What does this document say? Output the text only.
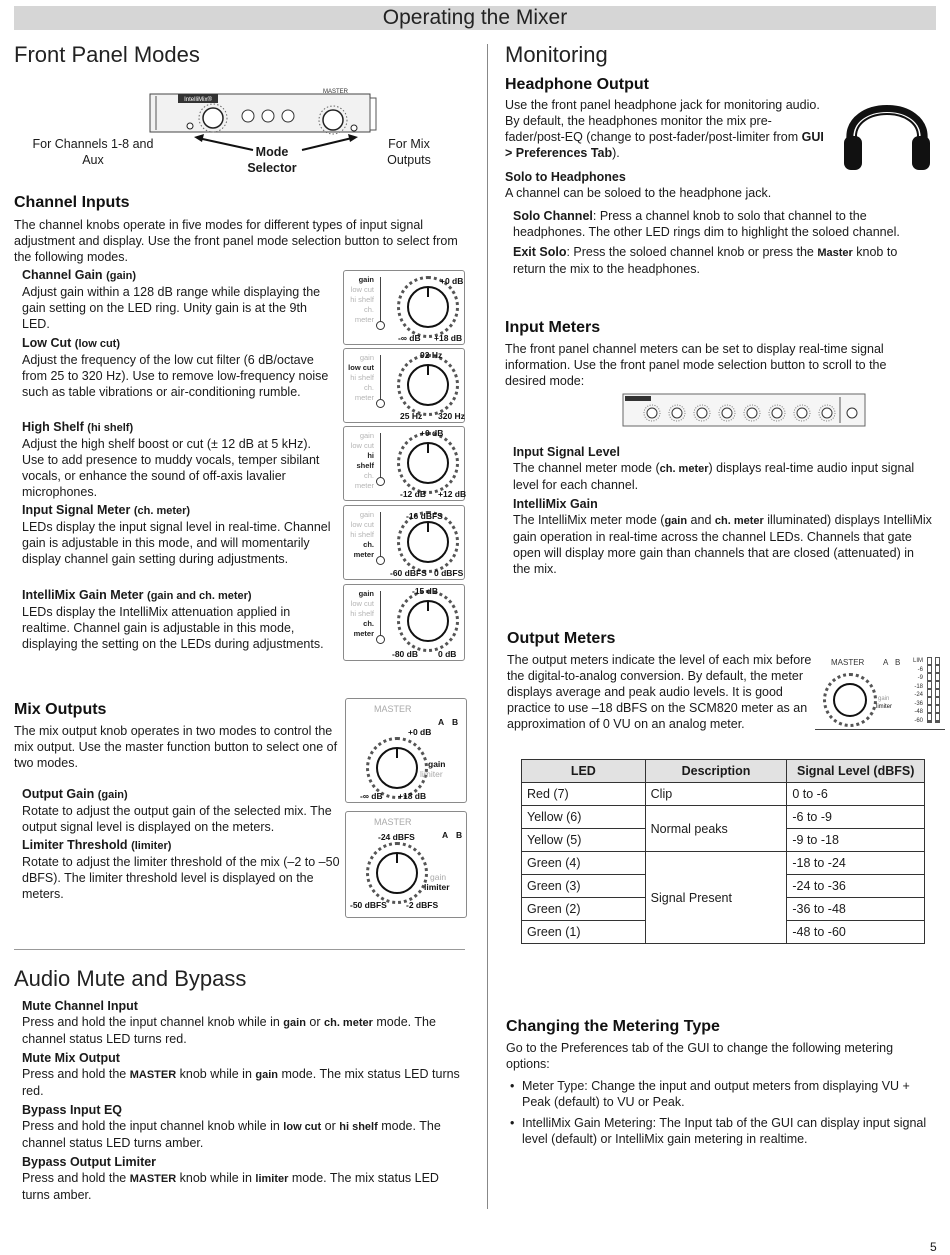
Operating the Mixer
Front Panel Modes
IntelliMix®
MASTER
For Channels 1-8 and Aux
Mode Selector
For Mix Outputs
Channel Inputs
The channel knobs operate in five modes for different types of input signal adjustment and display. Use the front panel mode selection button to select from the following modes.
Channel Gain (gain)
Adjust gain within a 128 dB range while displaying the gain setting on the LED ring. Unity gain is at the 9th LED.
Low Cut (low cut)
Adjust the frequency of the low cut filter (6 dB/octave from 25 to 320 Hz). Use to remove low-frequency noise such as table vibrations or air-conditioning rumble.
High Shelf (hi shelf)
Adjust the high shelf boost or cut (± 12 dB at 5 kHz). Use to add presence to muddy vocals, temper sibilant vocals, or enhance the sound of off-axis lavalier microphones.
Input Signal Meter (ch. meter)
LEDs display the input signal level in real-time. Channel gain is adjustable in this mode, and will momentarily display channel gain setting during adjustments.
IntelliMix Gain Meter (gain and ch. meter)
LEDs display the IntelliMix attenuation applied in realtime. Channel gain is adjustable in this mode, displaying the setting on the LEDs during adjustments.
gain
low cut
hi shelf
ch. meter
+0 dB
-∞ dB +18 dB
gain
low cut
hi shelf
ch. meter
92 Hz
25 Hz 320 Hz
gain
low cut
hi shelf
ch. meter
+0 dB
-12 dB +12 dB
gain
low cut
hi shelf
ch. meter
-16 dBFS
-60 dBFS 0 dBFS
gain
low cut
hi shelf
ch. meter
-15 dB
-80 dB 0 dB
Mix Outputs
The mix output knob operates in two modes to control the mix output. Use the master function button to select one of two modes.
Output Gain (gain)
Rotate to adjust the output gain of the selected mix. The output signal level is displayed on the meters.
Limiter Threshold (limiter)
Rotate to adjust the limiter threshold of the mix (–2 to –50 dBFS). The limiter threshold level is displayed on the meters.
MASTER
+0 dB
-∞ dB +18 dB
A B
gain
limiter
MASTER
-24 dBFS
-50 dBFS -2 dBFS
A B
gain
limiter
Audio Mute and Bypass
Mute Channel Input
Press and hold the input channel knob while in gain or ch. meter mode. The channel status LED turns red.
Mute Mix Output
Press and hold the MASTER knob while in gain mode. The mix status LED turns red.
Bypass Input EQ
Press and hold the input channel knob while in low cut or hi shelf mode. The channel status LED turns amber.
Bypass Output Limiter
Press and hold the MASTER knob while in limiter mode. The mix status LED turns amber.
Monitoring
Headphone Output
Use the front panel headphone jack for monitoring audio. By default, the headphones monitor the mix pre-fader/post-EQ (change to post-fader/post-limiter from GUI > Preferences Tab).
Solo to Headphones
A channel can be soloed to the headphone jack.
Solo Channel: Press a channel knob to solo that channel to the headphones. The other LED rings dim to highlight the soloed channel.
Exit Solo: Press the soloed channel knob or press the Master knob to return the mix to the headphones.
Input Meters
The front panel channel meters can be set to display real-time signal information. Use the front panel mode selection button to scroll to the desired mode:
Input Signal Level
The channel meter mode (ch. meter) displays real-time audio input signal level for each channel.
IntelliMix Gain
The IntelliMix meter mode (gain and ch. meter illuminated) displays IntelliMix gain operation in real-time across the channel LEDs. Channels that gate open will display more gain than channels that are closed (attenuated) in the mix.
Output Meters
The output meters indicate the level of each mix before the digital-to-analog conversion. By default, the meter displays average and peak audio levels. It is good practice to use –18 dBFS on the SCM820 meter as an approximation of 0 VU on an analog meter.
MASTER A B
gain
limiter
LIM
-6
-9
-18
-24
-36
-48
-60
LED	Description	Signal Level (dBFS)
Red (7)	Clip	0 to -6
Yellow (6)	Normal peaks	-6 to -9
Yellow (5)		-9 to -18
Green (4)	Signal Present	-18 to -24
Green (3)		-24 to -36
Green (2)		-36 to -48
Green (1)		-48 to -60
Changing the Metering Type
Go to the Preferences tab of the GUI to change the following metering options:
• Meter Type: Change the input and output meters from displaying VU + Peak (default) to VU or Peak.
• IntelliMix Gain Metering: The Input tab of the GUI can display input signal level (default) or IntelliMix gain metering in realtime.
5
